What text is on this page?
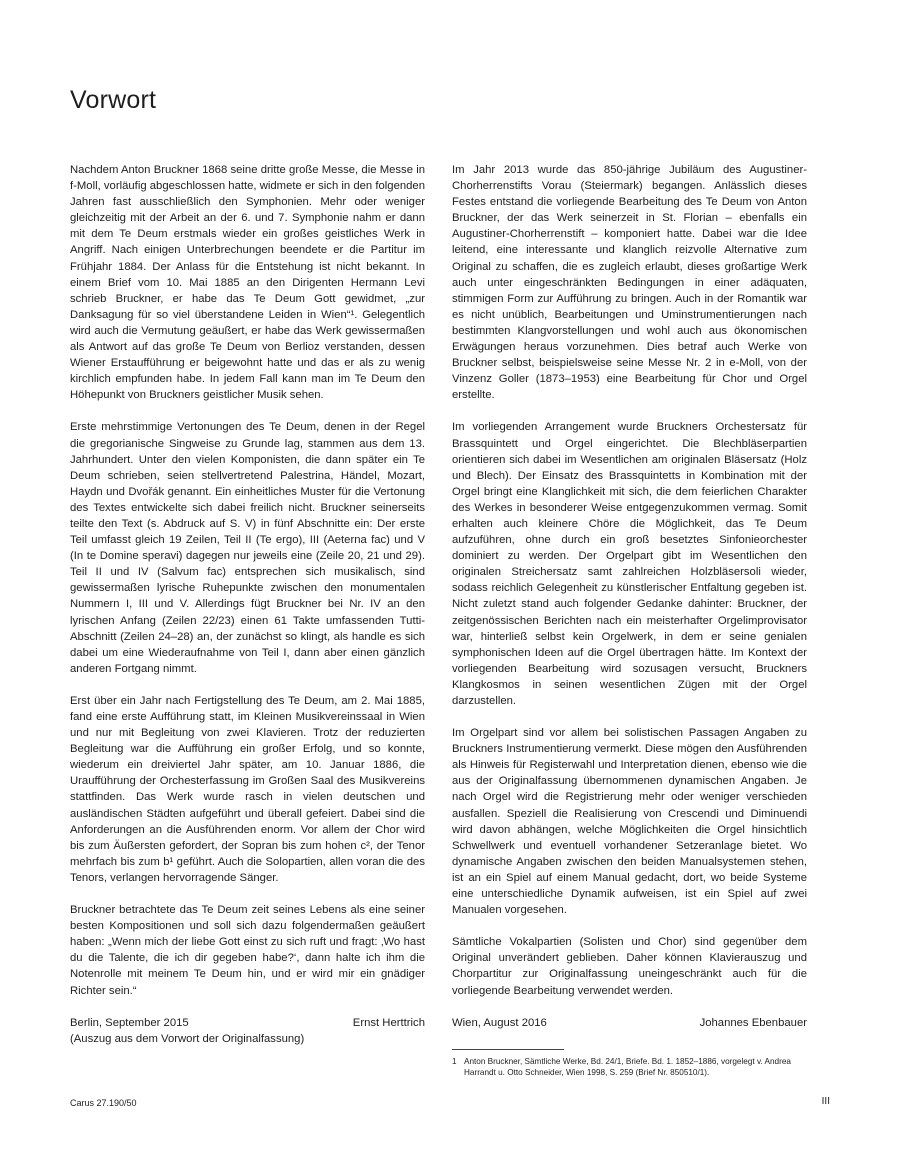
Vorwort

Nachdem Anton Bruckner 1868 seine dritte große Messe, die Messe in f-Moll, vorläufig abgeschlossen hatte, widmete er sich in den folgenden Jahren fast ausschließlich den Symphonien. Mehr oder weniger gleichzeitig mit der Arbeit an der 6. und 7. Symphonie nahm er dann mit dem Te Deum erstmals wieder ein großes geistliches Werk in Angriff. Nach einigen Unterbrechungen beendete er die Partitur im Frühjahr 1884. Der Anlass für die Entstehung ist nicht bekannt. In einem Brief vom 10. Mai 1885 an den Dirigenten Hermann Levi schrieb Bruckner, er habe das Te Deum Gott gewidmet, „zur Danksagung für so viel überstandene Leiden in Wien“¹. Gelegentlich wird auch die Vermutung geäußert, er habe das Werk gewissermaßen als Antwort auf das große Te Deum von Berlioz verstanden, dessen Wiener Erstaufführung er beigewohnt hatte und das er als zu wenig kirchlich empfunden habe. In jedem Fall kann man im Te Deum den Höhepunkt von Bruckners geistlicher Musik sehen.

Erste mehrstimmige Vertonungen des Te Deum, denen in der Regel die gregorianische Singweise zu Grunde lag, stammen aus dem 13. Jahrhundert. Unter den vielen Komponisten, die dann später ein Te Deum schrieben, seien stellvertretend Palestrina, Händel, Mozart, Haydn und Dvořák genannt. Ein einheitliches Muster für die Vertonung des Textes entwickelte sich dabei freilich nicht. Bruckner seinerseits teilte den Text (s. Abdruck auf S. V) in fünf Abschnitte ein: Der erste Teil umfasst gleich 19 Zeilen, Teil II (Te ergo), III (Aeterna fac) und V (In te Domine speravi) dagegen nur jeweils eine (Zeile 20, 21 und 29). Teil II und IV (Salvum fac) entsprechen sich musikalisch, sind gewissermaßen lyrische Ruhepunkte zwischen den monumentalen Nummern I, III und V. Allerdings fügt Bruckner bei Nr. IV an den lyrischen Anfang (Zeilen 22/23) einen 61 Takte umfassenden Tutti-Abschnitt (Zeilen 24–28) an, der zunächst so klingt, als handle es sich dabei um eine Wiederaufnahme von Teil I, dann aber einen gänzlich anderen Fortgang nimmt.

Erst über ein Jahr nach Fertigstellung des Te Deum, am 2. Mai 1885, fand eine erste Aufführung statt, im Kleinen Musikvereinssaal in Wien und nur mit Begleitung von zwei Klavieren. Trotz der reduzierten Begleitung war die Aufführung ein großer Erfolg, und so konnte, wiederum ein dreiviertel Jahr später, am 10. Januar 1886, die Uraufführung der Orchesterfassung im Großen Saal des Musikvereins stattfinden. Das Werk wurde rasch in vielen deutschen und ausländischen Städten aufgeführt und überall gefeiert. Dabei sind die Anforderungen an die Ausführenden enorm. Vor allem der Chor wird bis zum Äußersten gefordert, der Sopran bis zum hohen c², der Tenor mehrfach bis zum b¹ geführt. Auch die Solopartien, allen voran die des Tenors, verlangen hervorragende Sänger.

Bruckner betrachtete das Te Deum zeit seines Lebens als eine seiner besten Kompositionen und soll sich dazu folgendermaßen geäußert haben: „Wenn mich der liebe Gott einst zu sich ruft und fragt: ‚Wo hast du die Talente, die ich dir gegeben habe?‘, dann halte ich ihm die Notenrolle mit meinem Te Deum hin, und er wird mir ein gnädiger Richter sein.“

Berlin, September 2015	Ernst Herttrich
(Auszug aus dem Vorwort der Originalfassung)

Im Jahr 2013 wurde das 850-jährige Jubiläum des Augustiner-Chorherrenstifts Vorau (Steiermark) begangen. Anlässlich dieses Festes entstand die vorliegende Bearbeitung des Te Deum von Anton Bruckner, der das Werk seinerzeit in St. Florian – ebenfalls ein Augustiner-Chorherrenstift – komponiert hatte. Dabei war die Idee leitend, eine interessante und klanglich reizvolle Alternative zum Original zu schaffen, die es zugleich erlaubt, dieses großartige Werk auch unter eingeschränkten Bedingungen in einer adäquaten, stimmigen Form zur Aufführung zu bringen. Auch in der Romantik war es nicht unüblich, Bearbeitungen und Uminstrumentierungen nach bestimmten Klangvorstellungen und wohl auch aus ökonomischen Erwägungen heraus vorzunehmen. Dies betraf auch Werke von Bruckner selbst, beispielsweise seine Messe Nr. 2 in e-Moll, von der Vinzenz Goller (1873–1953) eine Bearbeitung für Chor und Orgel erstellte.

Im vorliegenden Arrangement wurde Bruckners Orchestersatz für Brassquintett und Orgel eingerichtet. Die Blechbläserpartien orientieren sich dabei im Wesentlichen am originalen Bläsersatz (Holz und Blech). Der Einsatz des Brassquintetts in Kombination mit der Orgel bringt eine Klanglichkeit mit sich, die dem feierlichen Charakter des Werkes in besonderer Weise entgegenzukommen vermag. Somit erhalten auch kleinere Chöre die Möglichkeit, das Te Deum aufzuführen, ohne durch ein groß besetztes Sinfonieorchester dominiert zu werden. Der Orgelpart gibt im Wesentlichen den originalen Streichersatz samt zahlreichen Holzbläsersoli wieder, sodass reichlich Gelegenheit zu künstlerischer Entfaltung gegeben ist. Nicht zuletzt stand auch folgender Gedanke dahinter: Bruckner, der zeitgenössischen Berichten nach ein meisterhafter Orgelimprovisator war, hinterließ selbst kein Orgelwerk, in dem er seine genialen symphonischen Ideen auf die Orgel übertragen hätte. Im Kontext der vorliegenden Bearbeitung wird sozusagen versucht, Bruckners Klangkosmos in seinen wesentlichen Zügen mit der Orgel darzustellen.

Im Orgelpart sind vor allem bei solistischen Passagen Angaben zu Bruckners Instrumentierung vermerkt. Diese mögen den Ausführenden als Hinweis für Registerwahl und Interpretation dienen, ebenso wie die aus der Originalfassung übernommenen dynamischen Angaben. Je nach Orgel wird die Registrierung mehr oder weniger verschieden ausfallen. Speziell die Realisierung von Crescendi und Diminuendi wird davon abhängen, welche Möglichkeiten die Orgel hinsichtlich Schwellwerk und eventuell vorhandener Setzeranlage bietet. Wo dynamische Angaben zwischen den beiden Manualsystemen stehen, ist an ein Spiel auf einem Manual gedacht, dort, wo beide Systeme eine unterschiedliche Dynamik aufweisen, ist ein Spiel auf zwei Manualen vorgesehen.

Sämtliche Vokalpartien (Solisten und Chor) sind gegenüber dem Original unverändert geblieben. Daher können Klavierauszug und Chorpartitur zur Originalfassung uneingeschränkt auch für die vorliegende Bearbeitung verwendet werden.

Wien, August 2016	Johannes Ebenbauer
1 Anton Bruckner, Sämtliche Werke, Bd. 24/1, Briefe. Bd. 1. 1852–1886, vorgelegt v. Andrea Harrandt u. Otto Schneider, Wien 1998, S. 259 (Brief Nr. 850510/1).
Carus 27.190/50	III
